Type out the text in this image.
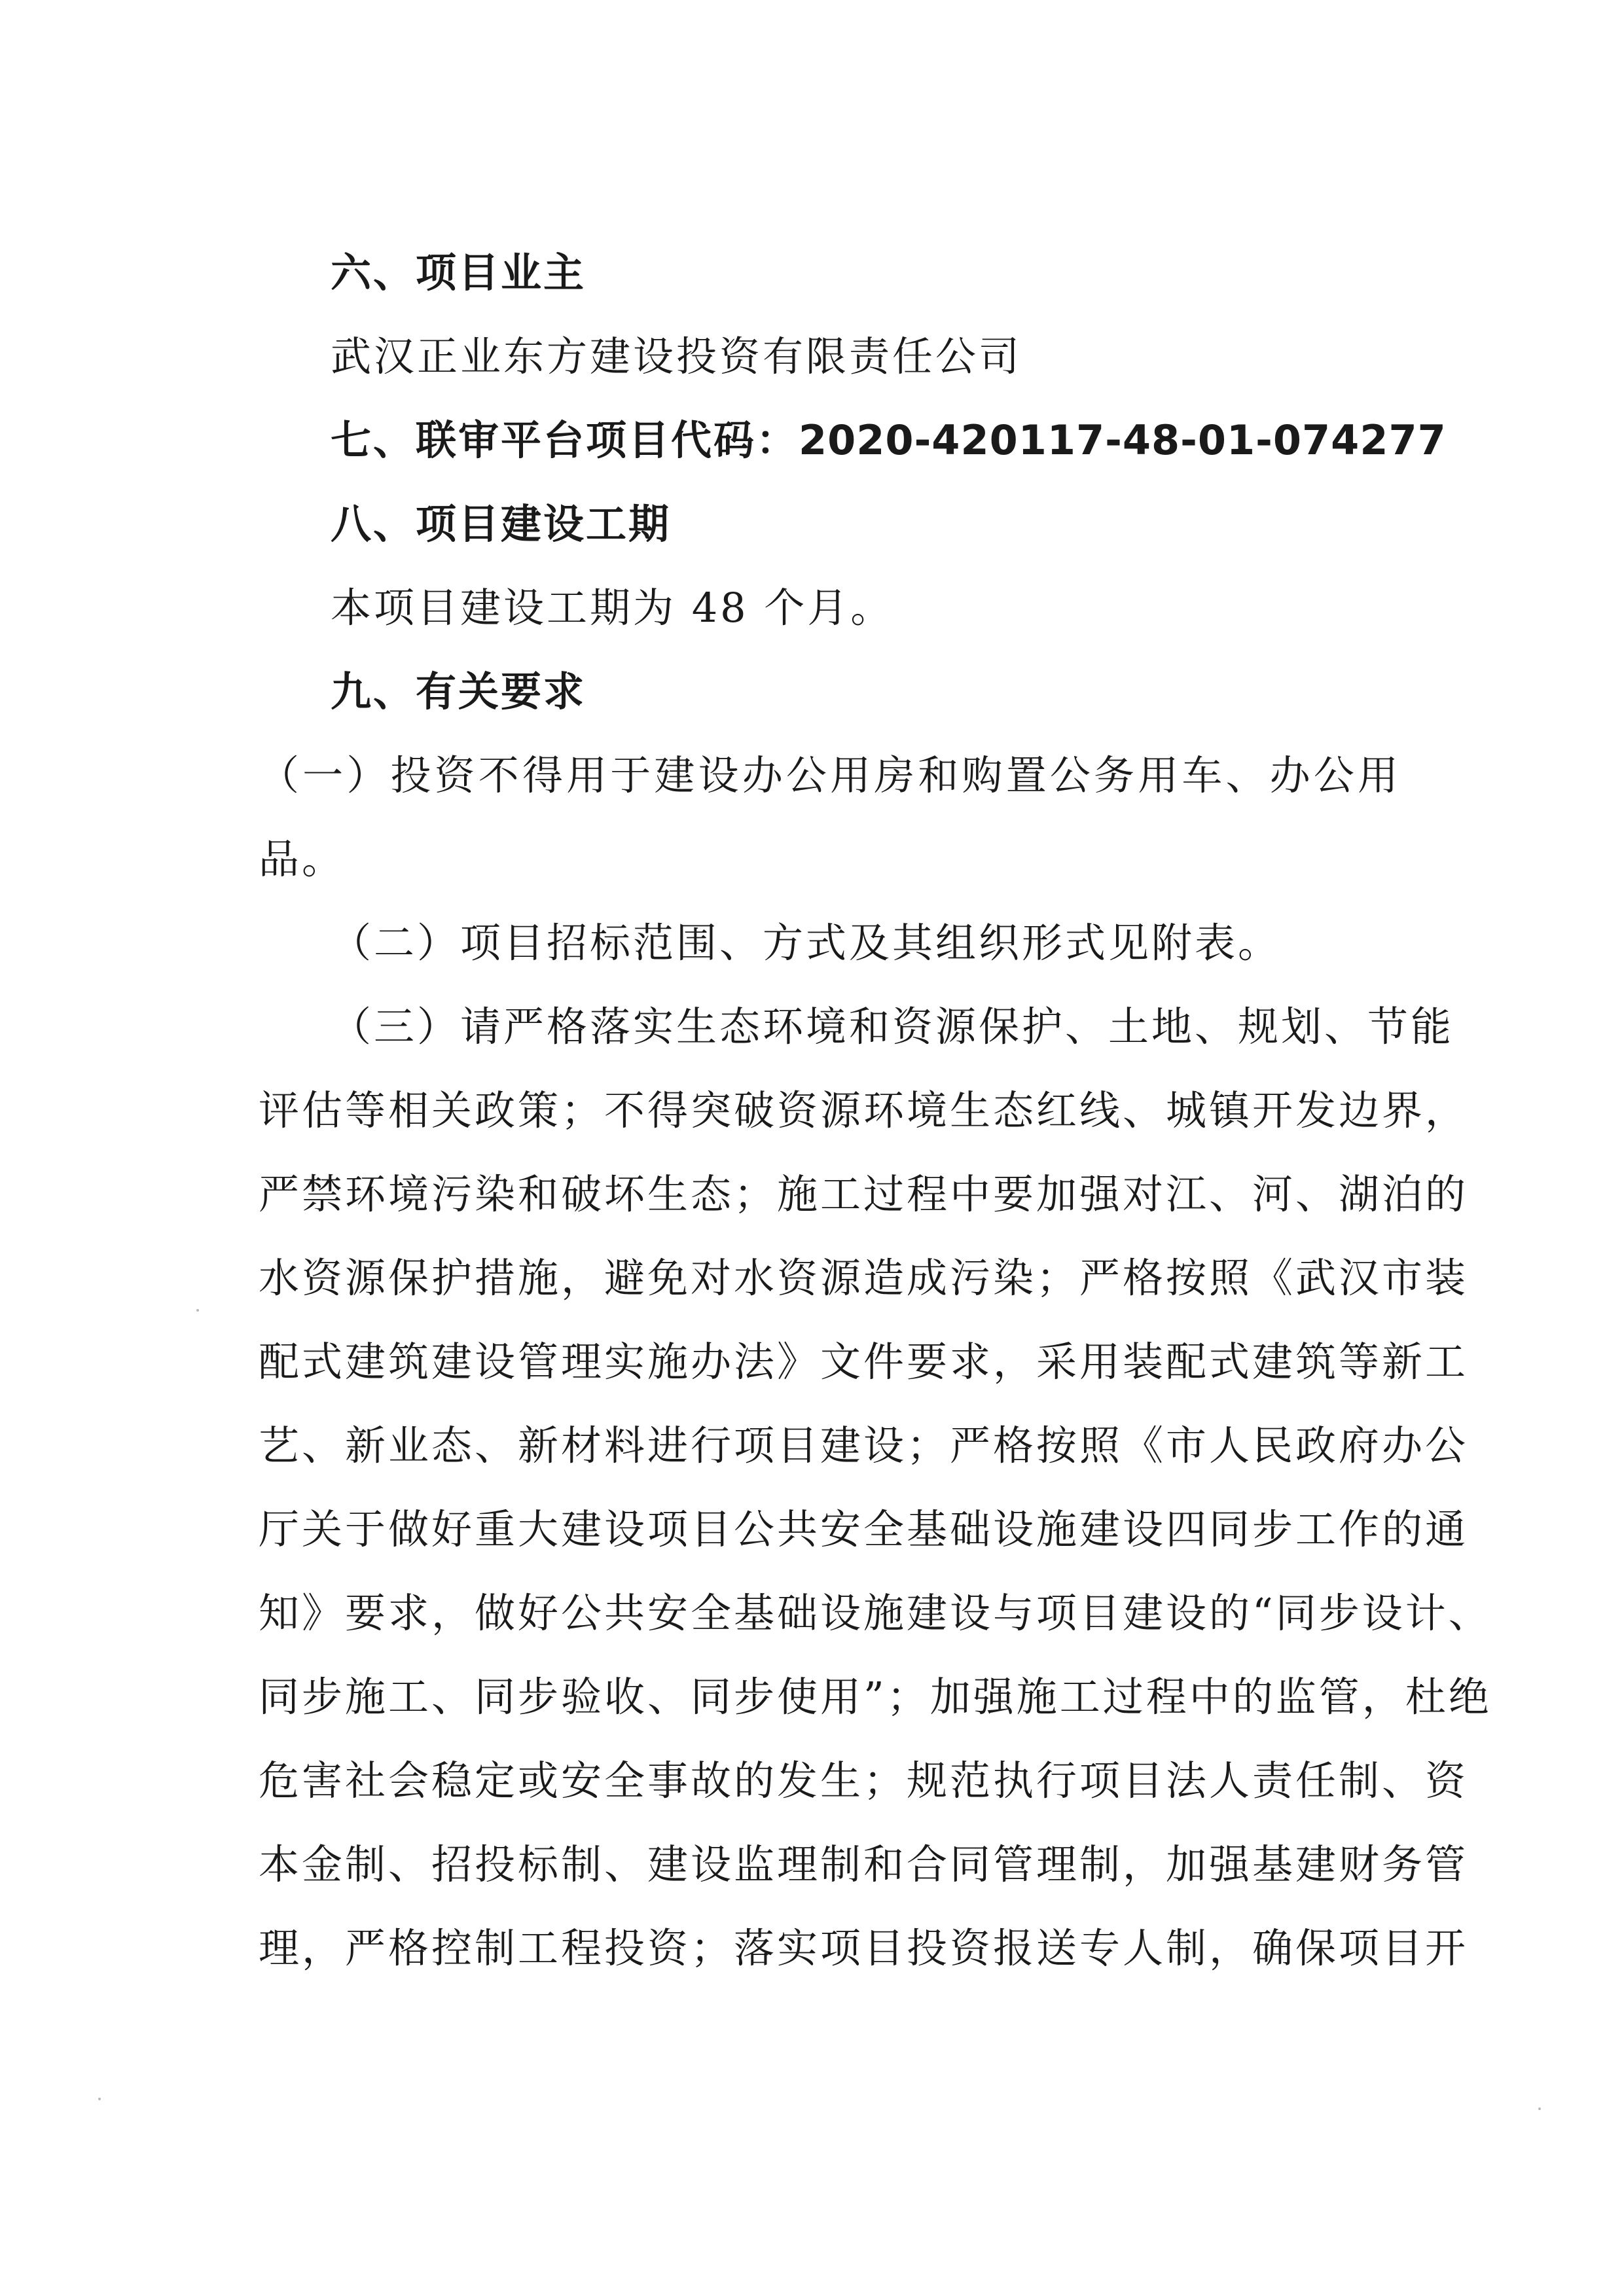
六、项目业主
武汉正业东方建设投资有限责任公司
七、联审平台项目代码：2020-420117-48-01-074277
八、项目建设工期
本项目建设工期为 48 个月。
九、有关要求
（一）投资不得用于建设办公用房和购置公务用车、办公用
品。
（二）项目招标范围、方式及其组织形式见附表。
（三）请严格落实生态环境和资源保护、土地、规划、节能
评估等相关政策；不得突破资源环境生态红线、城镇开发边界，
严禁环境污染和破坏生态；施工过程中要加强对江、河、湖泊的
水资源保护措施，避免对水资源造成污染；严格按照《武汉市装
配式建筑建设管理实施办法》文件要求，采用装配式建筑等新工
艺、新业态、新材料进行项目建设；严格按照《市人民政府办公
厅关于做好重大建设项目公共安全基础设施建设四同步工作的通
知》要求，做好公共安全基础设施建设与项目建设的“同步设计、
同步施工、同步验收、同步使用”；加强施工过程中的监管，杜绝
危害社会稳定或安全事故的发生；规范执行项目法人责任制、资
本金制、招投标制、建设监理制和合同管理制，加强基建财务管
理，严格控制工程投资；落实项目投资报送专人制，确保项目开
